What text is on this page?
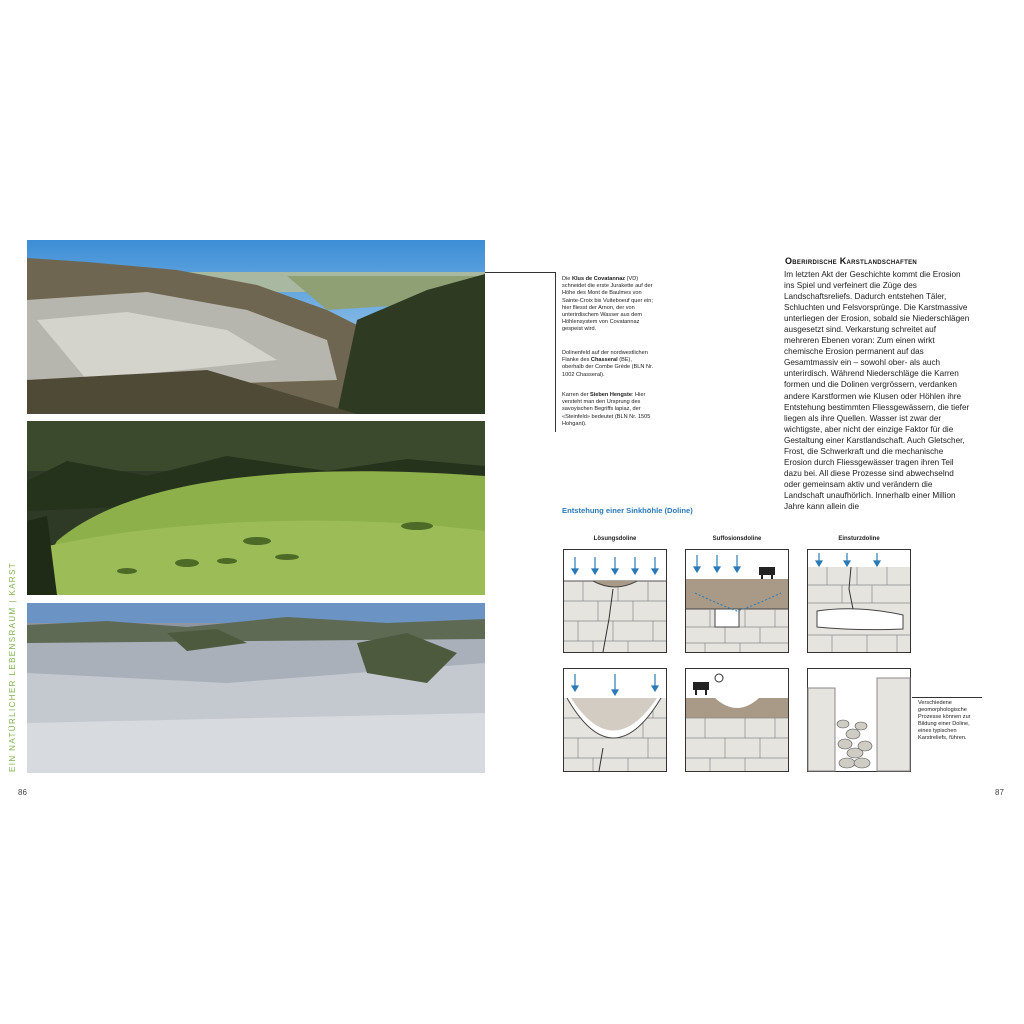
Die Klus de Covatannaz (VD) schneidet die erste Jurakette auf der Höhe des Mont de Baulmes von Sainte-Croix bis Vuiteboeuf quer ein; hier fliesst der Arnon, der von unterirdischem Wasser aus dem Höhlensystem von Covatannaz gespeist wird.
Dolinenfeld auf der nordwestlichen Flanke des Chasseral (BE), oberhalb der Combe Grède (BLN Nr. 1002 Chasseral).
Karren der Sieben Hengste: Hier versteht man den Ursprung des savoyischen Begriffs lapiaz, der «Steinfeld» bedeutet (BLN Nr. 1505 Hohgant).
EIN NATÜRLICHER LEBENSRAUM | KARST
86	87
Oberirdische Karstlandschaften
Im letzten Akt der Geschichte kommt die Erosion ins Spiel und verfeinert die Züge des Landschaftsreliefs. Dadurch entstehen Täler, Schluchten und Felsvorsprünge. Die Karstmassive unterliegen der Erosion, sobald sie Niederschlägen ausgesetzt sind. Verkarstung schreitet auf mehreren Ebenen voran: Zum einen wirkt chemische Erosion permanent auf das Gesamtmassiv ein – sowohl ober- als auch unterirdisch. Während Niederschläge die Karren formen und die Dolinen vergrössern, verdanken andere Karstformen wie Klusen oder Höhlen ihre Entstehung bestimmten Fliessgewässern, die tiefer liegen als ihre Quellen. Wasser ist zwar der wichtigste, aber nicht der einzige Faktor für die Gestaltung einer Karstlandschaft. Auch Gletscher, Frost, die Schwerkraft und die mechanische Erosion durch Fliessgewässer tragen ihren Teil dazu bei. All diese Prozesse sind abwechselnd oder gemeinsam aktiv und verändern die Landschaft unaufhörlich. Innerhalb einer Million Jahre kann allein die
Entstehung einer Sinkhöhle (Doline)
Lösungsdoline	Suffosionsdoline	Einsturzdoline
Verschiedene geomorphologische Prozesse können zur Bildung einer Doline, eines typischen Karstreliefs, führen.
